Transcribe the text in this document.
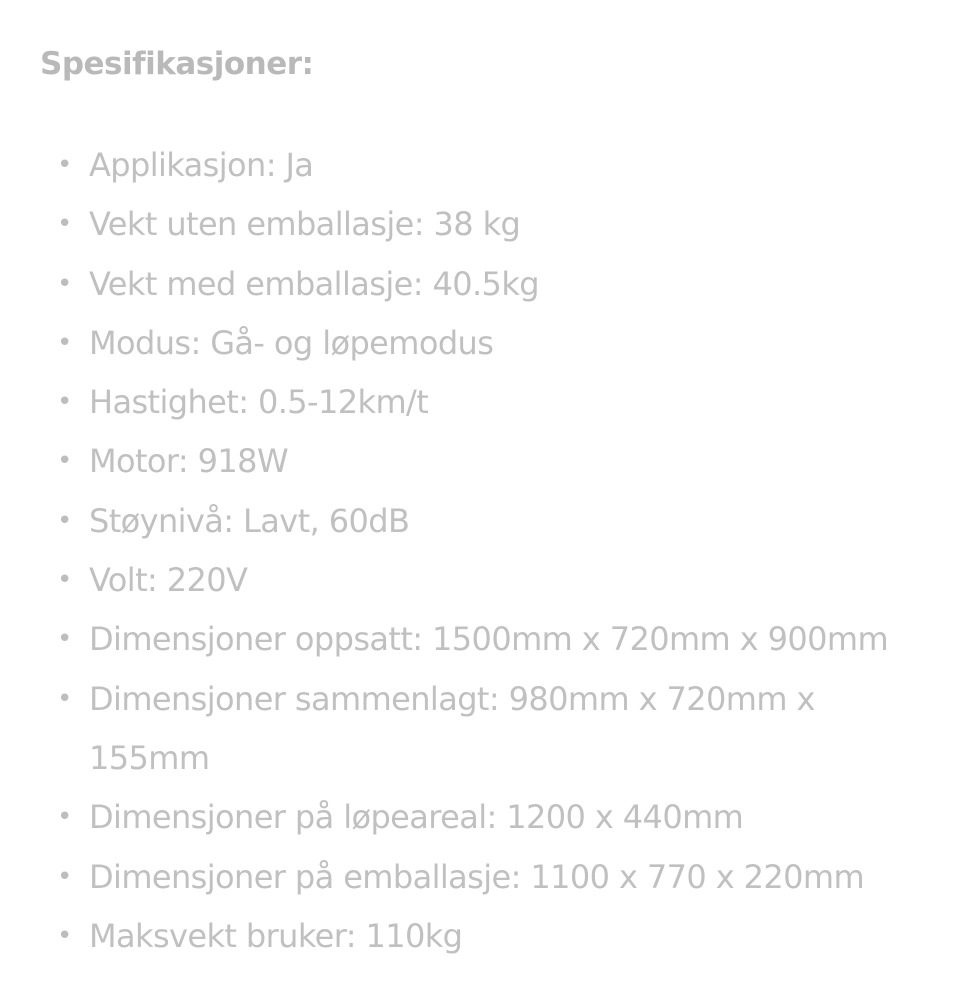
Spesifikasjoner:
• Applikasjon: Ja
• Vekt uten emballasje: 38 kg
• Vekt med emballasje: 40.5kg
• Modus: Gå- og løpemodus
• Hastighet: 0.5-12km/t
• Motor: 918W
• Støynivå: Lavt, 60dB
• Volt: 220V
• Dimensjoner oppsatt: 1500mm x 720mm x 900mm
• Dimensjoner sammenlagt: 980mm x 720mm x 155mm
• Dimensjoner på løpeareal: 1200 x 440mm
• Dimensjoner på emballasje: 1100 x 770 x 220mm
• Maksvekt bruker: 110kg
